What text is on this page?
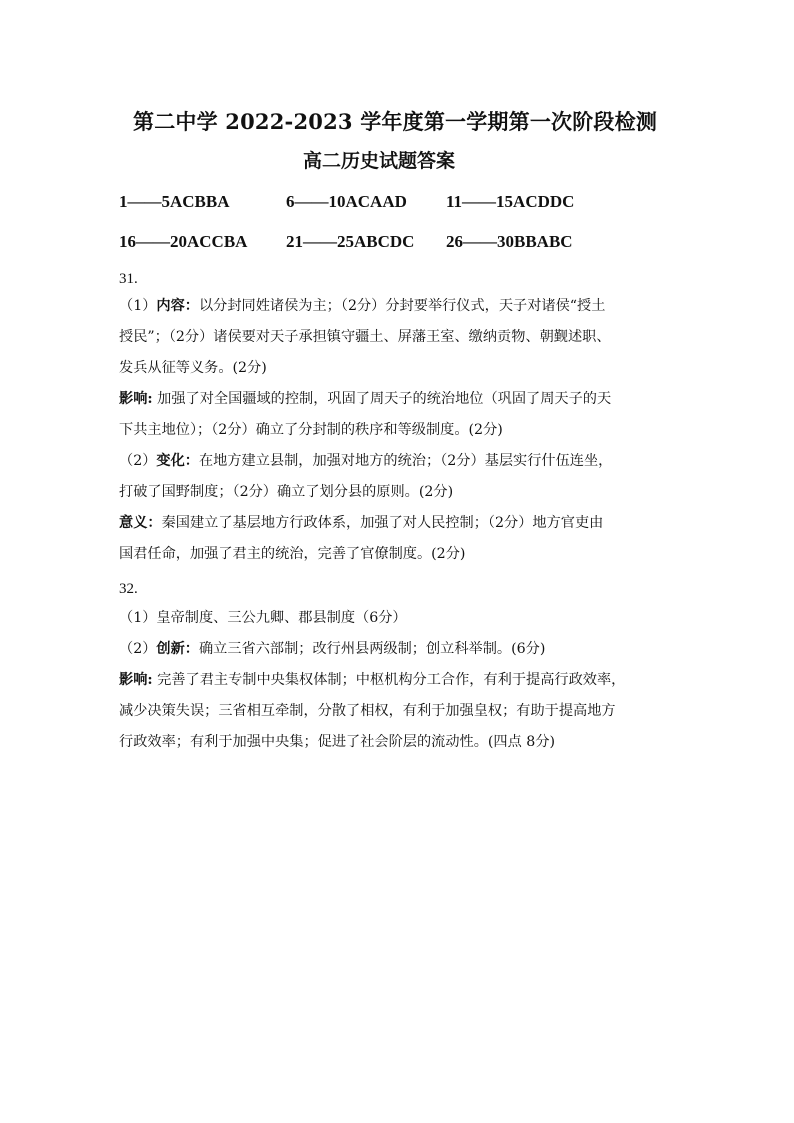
第二中学 2022-2023 学年度第一学期第一次阶段检测
高二历史试题答案
1——5ACBBA	6——10ACAAD 11——15ACDDC
16——20ACCBA 21——25ABCDC 26——30BBABC
31.
（1）内容：以分封同姓诸侯为主；（2分）分封要举行仪式，天子对诸侯“授土
授民”；（2分）诸侯要对天子承担镇守疆土、屏藩王室、缴纳贡物、朝觐述职、
发兵从征等义务。(2分)
影响: 加强了对全国疆域的控制，巩固了周天子的统治地位（巩固了周天子的天
下共主地位）；（2分）确立了分封制的秩序和等级制度。(2分)
（2）变化：在地方建立县制，加强对地方的统治；（2分）基层实行什伍连坐，
打破了国野制度；（2分）确立了划分县的原则。(2分)
意义：秦国建立了基层地方行政体系，加强了对人民控制；（2分）地方官吏由
国君任命，加强了君主的统治，完善了官僚制度。(2分)
32.
（1）皇帝制度、三公九卿、郡县制度（6分）
（2）创新：确立三省六部制；改行州县两级制；创立科举制。(6分)
影响: 完善了君主专制中央集权体制；中枢机构分工合作，有利于提高行政效率，
减少决策失误；三省相互牵制，分散了相权，有利于加强皇权；有助于提高地方
行政效率；有利于加强中央集；促进了社会阶层的流动性。(四点 8分)
